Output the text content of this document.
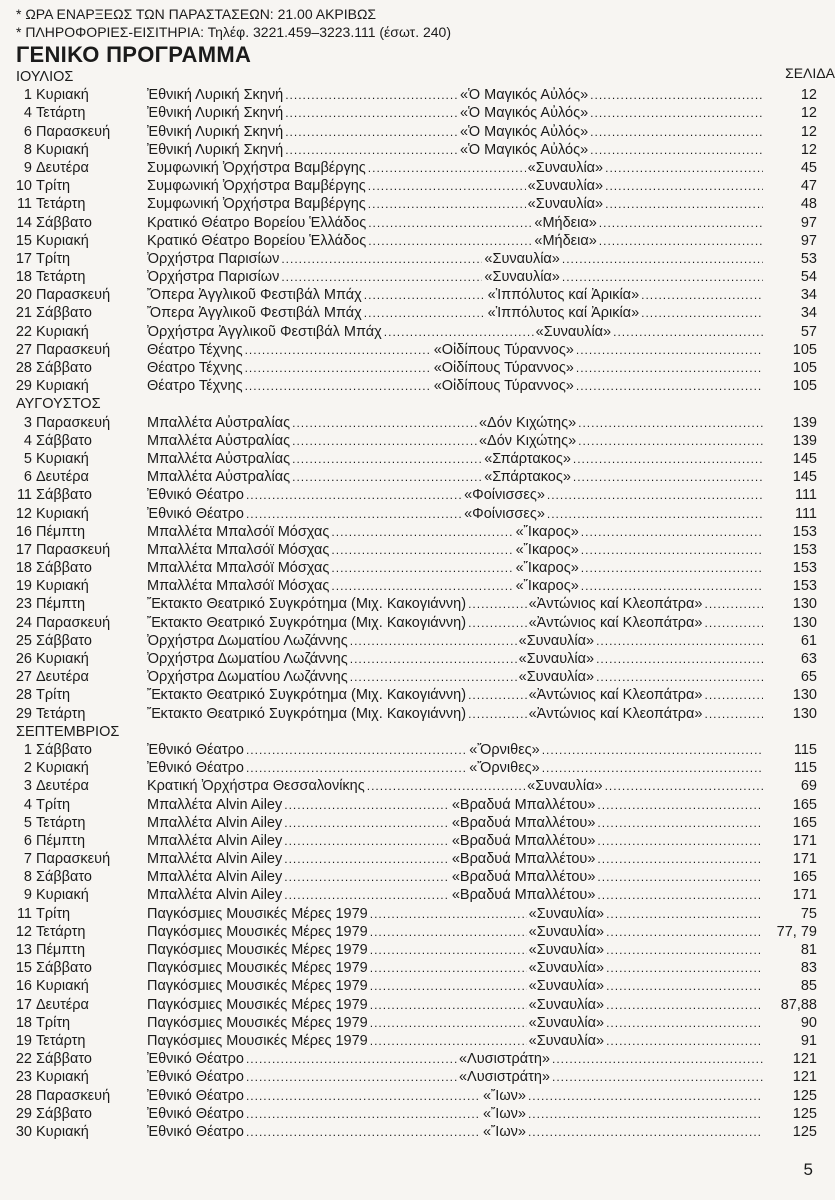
* ΩΡΑ ΕΝΑΡΞΕΩΣ ΤΩΝ ΠΑΡΑΣΤΑΣΕΩΝ: 21.00 ΑΚΡΙΒΩΣ
* ΠΛΗΡΟΦΟΡΙΕΣ-ΕΙΣΙΤΗΡΙΑ: Τηλέφ. 3221.459–3223.111 (έσωτ. 240)
ΓΕΝΙΚΟ ΠΡΟΓΡΑΜΜΑ
ΣΕΛΙΔΑ
ΙΟΥΛΙΟΣ
1 Κυριακή	Ἐθνική Λυρική Σκηνή .....	«Ὁ Μαγικός Αὐλός» .....	12
4 Τετάρτη	Ἐθνική Λυρική Σκηνή .....	«Ὁ Μαγικός Αὐλός» .....	12
6 Παρασκευή	Ἐθνική Λυρική Σκηνή .....	«Ὁ Μαγικός Αὐλός» .....	12
8 Κυριακή	Ἐθνική Λυρική Σκηνή .....	«Ὁ Μαγικός Αὐλός» .....	12
9 Δευτέρα	Συμφωνική Ὀρχήστρα Βαμβέργης .....	«Συναυλία» .....	45
10 Τρίτη	Συμφωνική Ὀρχήστρα Βαμβέργης .....	«Συναυλία» .....	47
11 Τετάρτη	Συμφωνική Ὀρχήστρα Βαμβέργης .....	«Συναυλία» .....	48
14 Σάββατο	Κρατικό Θέατρο Βορείου Ἑλλάδος .....	«Μήδεια» .....	97
15 Κυριακή	Κρατικό Θέατρο Βορείου Ἑλλάδος .....	«Μήδεια» .....	97
17 Τρίτη	Ὀρχήστρα Παρισίων .....	«Συναυλία» .....	53
18 Τετάρτη	Ὀρχήστρα Παρισίων .....	«Συναυλία» .....	54
20 Παρασκευή	Ὄπερα Ἀγγλικοῦ Φεστιβάλ Μπάχ .....	«Ἱππόλυτος καί Ἀρικία» .....	34
21 Σάββατο	Ὄπερα Ἀγγλικοῦ Φεστιβάλ Μπάχ .....	«Ἱππόλυτος καί Ἀρικία» .....	34
22 Κυριακή	Ὀρχήστρα Ἀγγλικοῦ Φεστιβάλ Μπάχ .....	«Συναυλία» .....	57
27 Παρασκευή	Θέατρο Τέχνης .....	«Οἰδίπους Τύραννος» .....	105
28 Σάββατο	Θέατρο Τέχνης .....	«Οἰδίπους Τύραννος» .....	105
29 Κυριακή	Θέατρο Τέχνης .....	«Οἰδίπους Τύραννος» .....	105
ΑΥΓΟΥΣΤΟΣ
3 Παρασκευή	Μπαλλέτα Αὐστραλίας .....	«Δόν Κιχώτης» .....	139
4 Σάββατο	Μπαλλέτα Αὐστραλίας .....	«Δόν Κιχώτης» .....	139
5 Κυριακή	Μπαλλέτα Αὐστραλίας .....	«Σπάρτακος» .....	145
6 Δευτέρα	Μπαλλέτα Αὐστραλίας .....	«Σπάρτακος» .....	145
11 Σάββατο	Ἐθνικό Θέατρο .....	«Φοίνισσες» .....	111
12 Κυριακή	Ἐθνικό Θέατρο .....	«Φοίνισσες» .....	111
16 Πέμπτη	Μπαλλέτα Μπαλσόϊ Μόσχας .....	«Ἴκαρος» .....	153
17 Παρασκευή	Μπαλλέτα Μπαλσόϊ Μόσχας .....	«Ἴκαρος» .....	153
18 Σάββατο	Μπαλλέτα Μπαλσόϊ Μόσχας .....	«Ἴκαρος» .....	153
19 Κυριακή	Μπαλλέτα Μπαλσόϊ Μόσχας .....	«Ἴκαρος» .....	153
23 Πέμπτη	Ἔκτακτο Θεατρικό Συγκρότημα (Μιχ. Κακογιάννη) .....	«Ἀντώνιος καί Κλεοπάτρα» .....	130
24 Παρασκευή	Ἔκτακτο Θεατρικό Συγκρότημα (Μιχ. Κακογιάννη) .....	«Ἀντώνιος καί Κλεοπάτρα» .....	130
25 Σάββατο	Ὀρχήστρα Δωματίου Λωζάννης .....	«Συναυλία» .....	61
26 Κυριακή	Ὀρχήστρα Δωματίου Λωζάννης .....	«Συναυλία» .....	63
27 Δευτέρα	Ὀρχήστρα Δωματίου Λωζάννης .....	«Συναυλία» .....	65
28 Τρίτη	Ἔκτακτο Θεατρικό Συγκρότημα (Μιχ. Κακογιάννη) .....	«Ἀντώνιος καί Κλεοπάτρα» .....	130
29 Τετάρτη	Ἔκτακτο Θεατρικό Συγκρότημα (Μιχ. Κακογιάννη) .....	«Ἀντώνιος καί Κλεοπάτρα» .....	130
ΣΕΠΤΕΜΒΡΙΟΣ
1 Σάββατο	Ἐθνικό Θέατρο .....	«Ὄρνιθες» .....	115
2 Κυριακή	Ἐθνικό Θέατρο .....	«Ὄρνιθες» .....	115
3 Δευτέρα	Κρατική Ὀρχήστρα Θεσσαλονίκης .....	«Συναυλία» .....	69
4 Τρίτη	Μπαλλέτα Alvin Ailey .....	«Βραδυά Μπαλλέτου» .....	165
5 Τετάρτη	Μπαλλέτα Alvin Ailey .....	«Βραδυά Μπαλλέτου» .....	165
6 Πέμπτη	Μπαλλέτα Alvin Ailey .....	«Βραδυά Μπαλλέτου» .....	171
7 Παρασκευή	Μπαλλέτα Alvin Ailey .....	«Βραδυά Μπαλλέτου» .....	171
8 Σάββατο	Μπαλλέτα Alvin Ailey .....	«Βραδυά Μπαλλέτου» .....	165
9 Κυριακή	Μπαλλέτα Alvin Ailey .....	«Βραδυά Μπαλλέτου» .....	171
11 Τρίτη	Παγκόσμιες Μουσικές Μέρες 1979 .....	«Συναυλία» .....	75
12 Τετάρτη	Παγκόσμιες Μουσικές Μέρες 1979 .....	«Συναυλία» .....	77, 79
13 Πέμπτη	Παγκόσμιες Μουσικές Μέρες 1979 .....	«Συναυλία» .....	81
15 Σάββατο	Παγκόσμιες Μουσικές Μέρες 1979 .....	«Συναυλία» .....	83
16 Κυριακή	Παγκόσμιες Μουσικές Μέρες 1979 .....	«Συναυλία» .....	85
17 Δευτέρα	Παγκόσμιες Μουσικές Μέρες 1979 .....	«Συναυλία» .....	87,88
18 Τρίτη	Παγκόσμιες Μουσικές Μέρες 1979 .....	«Συναυλία» .....	90
19 Τετάρτη	Παγκόσμιες Μουσικές Μέρες 1979 .....	«Συναυλία» .....	91
22 Σάββατο	Ἐθνικό Θέατρο .....	«Λυσιστράτη» .....	121
23 Κυριακή	Ἐθνικό Θέατρο .....	«Λυσιστράτη» .....	121
28 Παρασκευή	Ἐθνικό Θέατρο .....	«Ἴων» .....	125
29 Σάββατο	Ἐθνικό Θέατρο .....	«Ἴων» .....	125
30 Κυριακή	Ἐθνικό Θέατρο .....	«Ἴων» .....	125
5
